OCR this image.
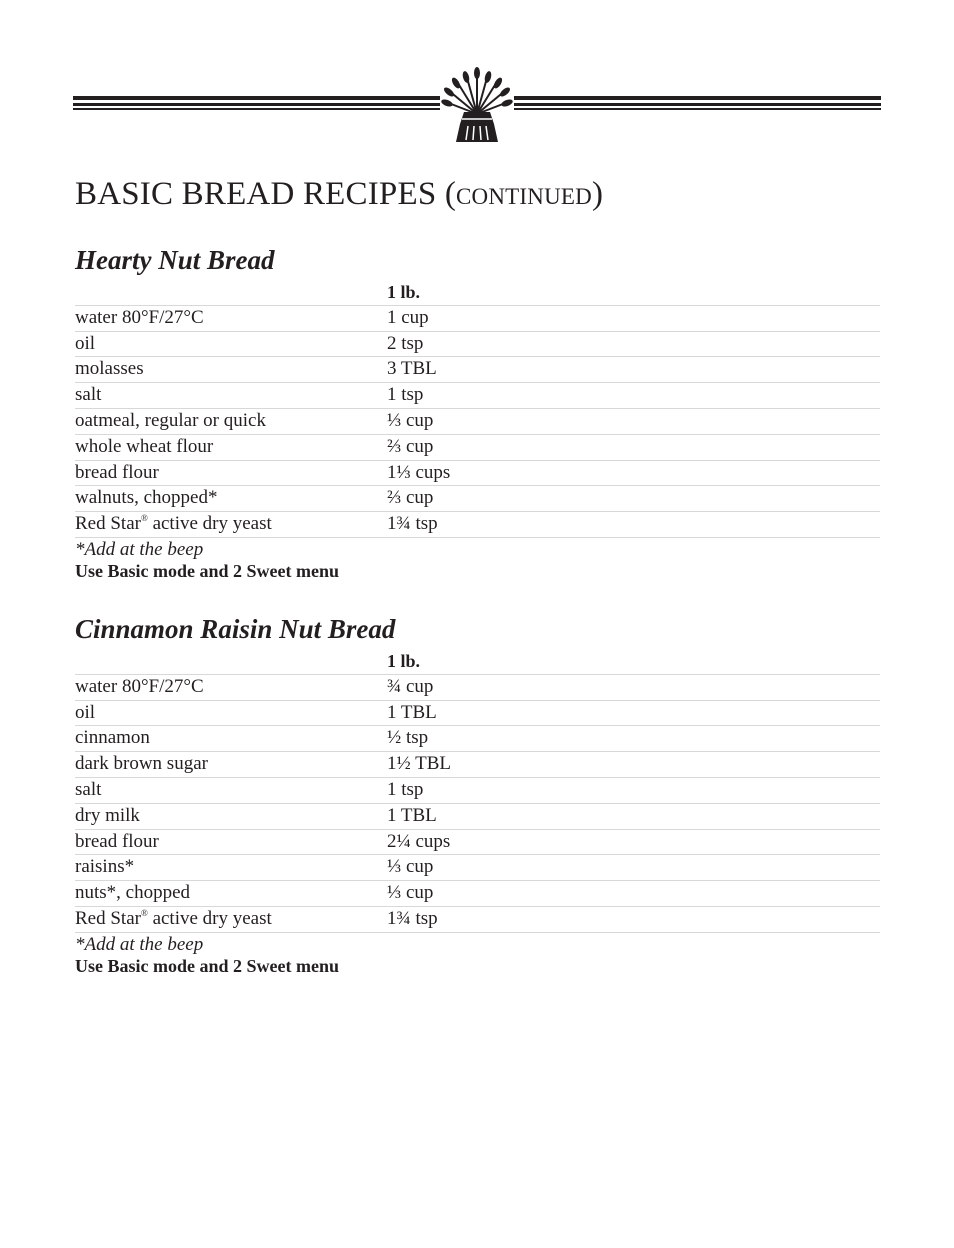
BASIC BREAD RECIPES (CONTINUED)
Hearty Nut Bread
1 lb.
water 80°F/27°C	1 cup
oil	2 tsp
molasses	3 TBL
salt	1 tsp
oatmeal, regular or quick	⅓ cup
whole wheat flour	⅔ cup
bread flour	1⅓ cups
walnuts, chopped*	⅔ cup
Red Star® active dry yeast	1¾ tsp
*Add at the beep
Use Basic mode and 2 Sweet menu
Cinnamon Raisin Nut Bread
1 lb.
water 80°F/27°C	¾ cup
oil	1 TBL
cinnamon	½ tsp
dark brown sugar	1½ TBL
salt	1 tsp
dry milk	1 TBL
bread flour	2¼ cups
raisins*	⅓ cup
nuts*, chopped	⅓ cup
Red Star® active dry yeast	1¾ tsp
*Add at the beep
Use Basic mode and 2 Sweet menu
